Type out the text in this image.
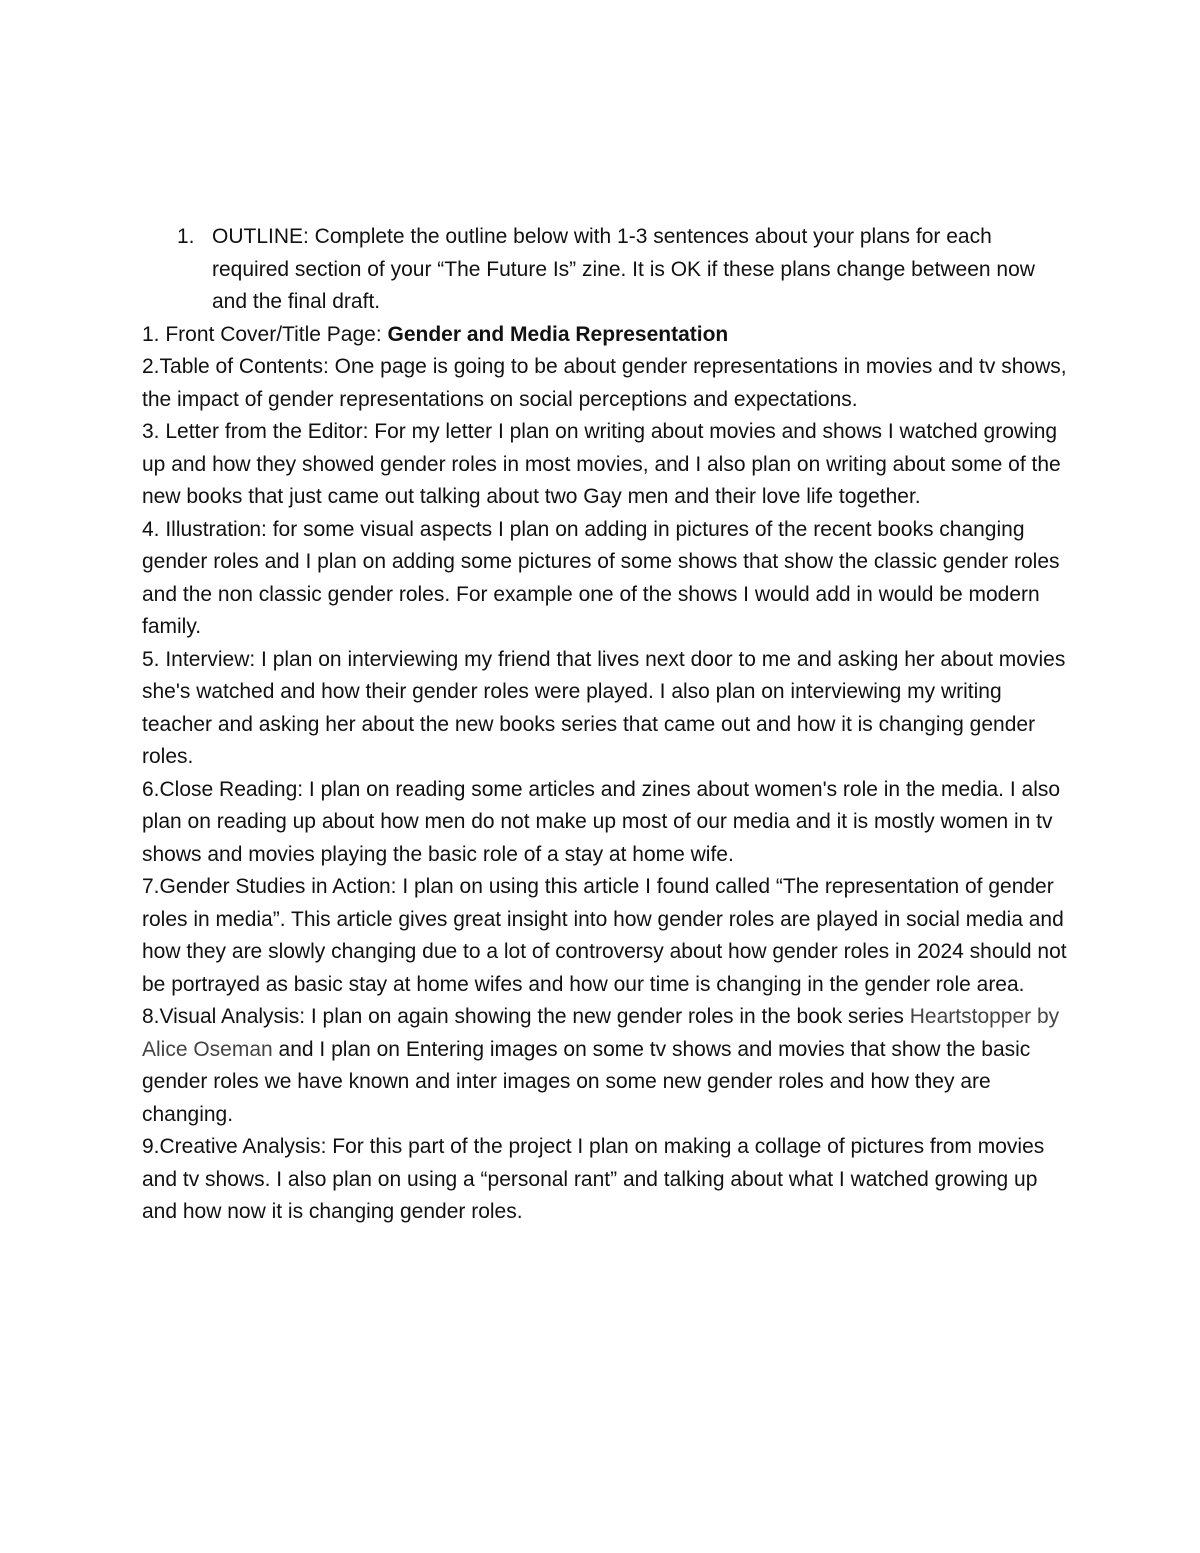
1. OUTLINE: Complete the outline below with 1-3 sentences about your plans for each required section of your “The Future Is” zine. It is OK if these plans change between now and the final draft.

1. Front Cover/Title Page: Gender and Media Representation

2.Table of Contents: One page is going to be about gender representations in movies and tv shows, the impact of gender representations on social perceptions and expectations.

3. Letter from the Editor: For my letter I plan on writing about movies and shows I watched growing up and how they showed gender roles in most movies, and I also plan on writing about some of the new books that just came out talking about two Gay men and their love life together.

4. Illustration: for some visual aspects I plan on adding in pictures of the recent books changing gender roles and I plan on adding some pictures of some shows that show the classic gender roles and the non classic gender roles. For example one of the shows I would add in would be modern family.

5. Interview: I plan on interviewing my friend that lives next door to me and asking her about movies she's watched and how their gender roles were played. I also plan on interviewing my writing teacher and asking her about the new books series that came out and how it is changing gender roles.

6.Close Reading: I plan on reading some articles and zines about women's role in the media. I also plan on reading up about how men do not make up most of our media and it is mostly women in tv shows and movies playing the basic role of a stay at home wife.

7.Gender Studies in Action: I plan on using this article I found called “The representation of gender roles in media”. This article gives great insight into how gender roles are played in social media and how they are slowly changing due to a lot of controversy about how gender roles in 2024 should not be portrayed as basic stay at home wifes and how our time is changing in the gender role area.

8.Visual Analysis: I plan on again showing the new gender roles in the book series Heartstopper by Alice Oseman and I plan on Entering images on some tv shows and movies that show the basic gender roles we have known and inter images on some new gender roles and how they are changing.

9.Creative Analysis: For this part of the project I plan on making a collage of pictures from movies and tv shows. I also plan on using a “personal rant” and talking about what I watched growing up and how now it is changing gender roles.
